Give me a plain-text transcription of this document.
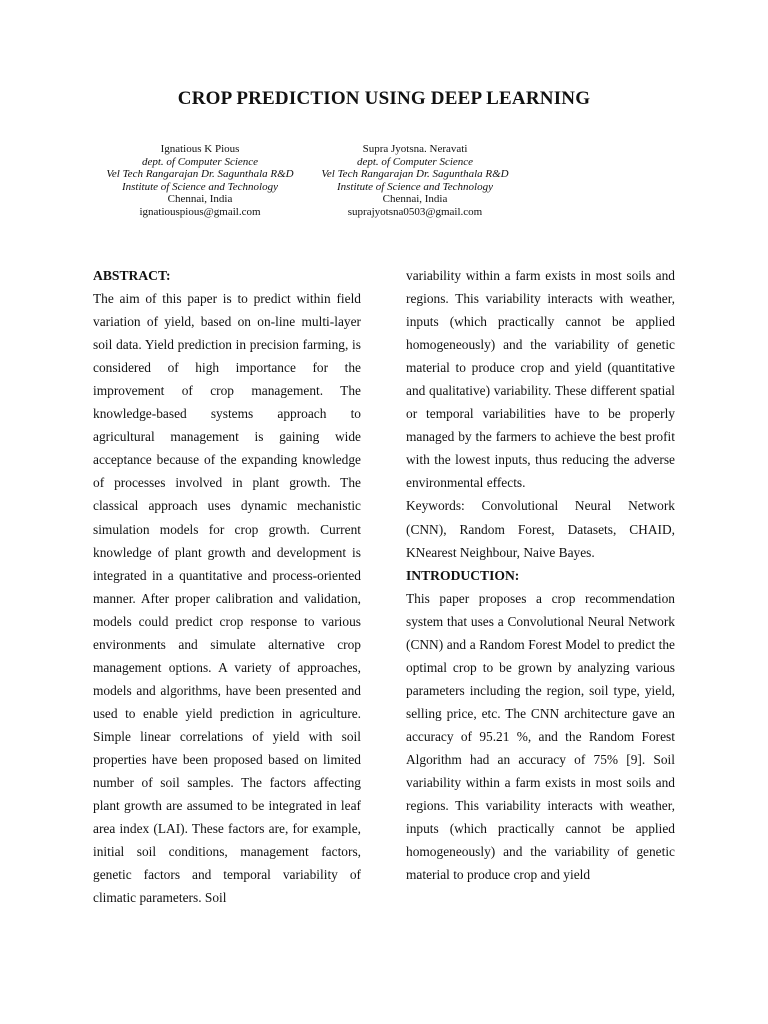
CROP PREDICTION USING DEEP LEARNING
Ignatious K Pious
dept. of Computer Science
Vel Tech Rangarajan Dr. Sagunthala R&D
Institute of Science and Technology
Chennai, India
ignatiouspious@gmail.com
Supra Jyotsna. Neravati
dept. of Computer Science
Vel Tech Rangarajan Dr. Sagunthala R&D
Institute of Science and Technology
Chennai, India
suprajyotsna0503@gmail.com

ABSTRACT:

The aim of this paper is to predict within field variation of yield, based on on-line multi-layer soil data. Yield prediction in precision farming, is considered of high importance for the improvement of crop management. The knowledge-based systems approach to agricultural management is gaining wide acceptance because of the expanding knowledge of processes involved in plant growth. The classical approach uses dynamic mechanistic simulation models for crop growth. Current knowledge of plant growth and development is integrated in a quantitative and process-oriented manner. After proper calibration and validation, models could predict crop response to various environments and simulate alternative crop management options. A variety of approaches, models and algorithms, have been presented and used to enable yield prediction in agriculture. Simple linear correlations of yield with soil properties have been proposed based on limited number of soil samples. The factors affecting plant growth are assumed to be integrated in leaf area index (LAI). These factors are, for example, initial soil conditions, management factors, genetic factors and temporal variability of climatic parameters. Soil

variability within a farm exists in most soils and regions. This variability interacts with weather, inputs (which practically cannot be applied homogeneously) and the variability of genetic material to produce crop and yield (quantitative and qualitative) variability. These different spatial or temporal variabilities have to be properly managed by the farmers to achieve the best profit with the lowest inputs, thus reducing the adverse environmental effects.

Keywords: Convolutional Neural Network (CNN), Random Forest, Datasets, CHAID, KNearest Neighbour, Naive Bayes.

INTRODUCTION:

This paper proposes a crop recommendation system that uses a Convolutional Neural Network (CNN) and a Random Forest Model to predict the optimal crop to be grown by analyzing various parameters including the region, soil type, yield, selling price, etc. The CNN architecture gave an accuracy of 95.21 %, and the Random Forest Algorithm had an accuracy of 75% [9]. Soil variability within a farm exists in most soils and regions. This variability interacts with weather, inputs (which practically cannot be applied homogeneously) and the variability of genetic material to produce crop and yield
